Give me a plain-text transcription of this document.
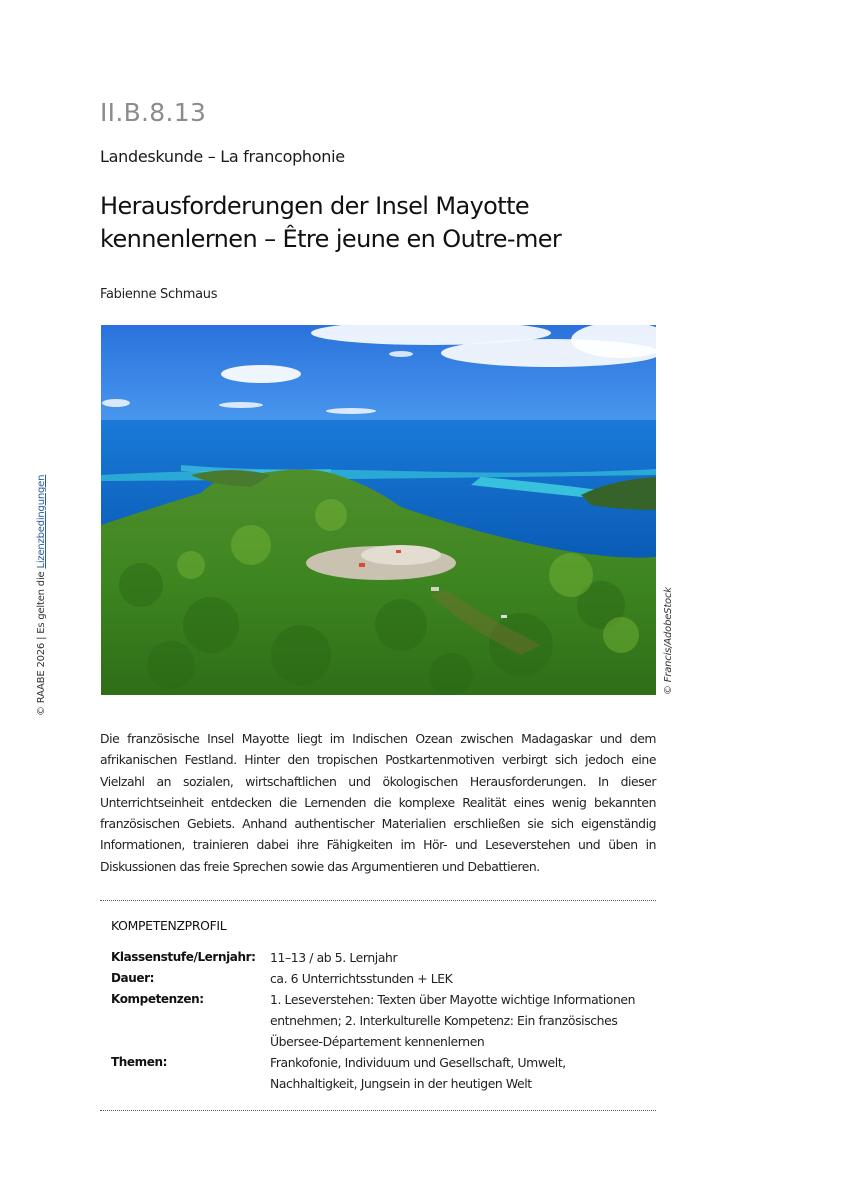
II.B.8.13
Landeskunde – La francophonie
Herausforderungen der Insel Mayotte
kennenlernen – Être jeune en Outre-mer
Fabienne Schmaus
© Francis/AdobeStock
© RAABE 2026 | Es gelten die Lizenzbedingungen

Die französische Insel Mayotte liegt im Indischen Ozean zwischen Madagaskar und dem afrikanischen Festland. Hinter den tropischen Postkartenmotiven verbirgt sich jedoch eine Vielzahl an sozialen, wirtschaftlichen und ökologischen Herausforderungen. In dieser Unterrichtseinheit entdecken die Lernenden die komplexe Realität eines wenig bekannten französischen Gebiets. Anhand authentischer Materialien erschließen sie sich eigenständig Informationen, trainieren dabei ihre Fähigkeiten im Hör- und Leseverstehen und üben in Diskussionen das freie Sprechen sowie das Argumentieren und Debattieren.

KOMPETENZPROFIL
Klassenstufe/Lernjahr:	11–13 / ab 5. Lernjahr
Dauer:	ca. 6 Unterrichtsstunden + LEK
Kompetenzen:	1. Leseverstehen: Texten über Mayotte wichtige Informationen entnehmen; 2. Interkulturelle Kompetenz: Ein französisches Übersee-Département kennenlernen
Themen:	Frankofonie, Individuum und Gesellschaft, Umwelt, Nachhaltigkeit, Jungsein in der heutigen Welt
